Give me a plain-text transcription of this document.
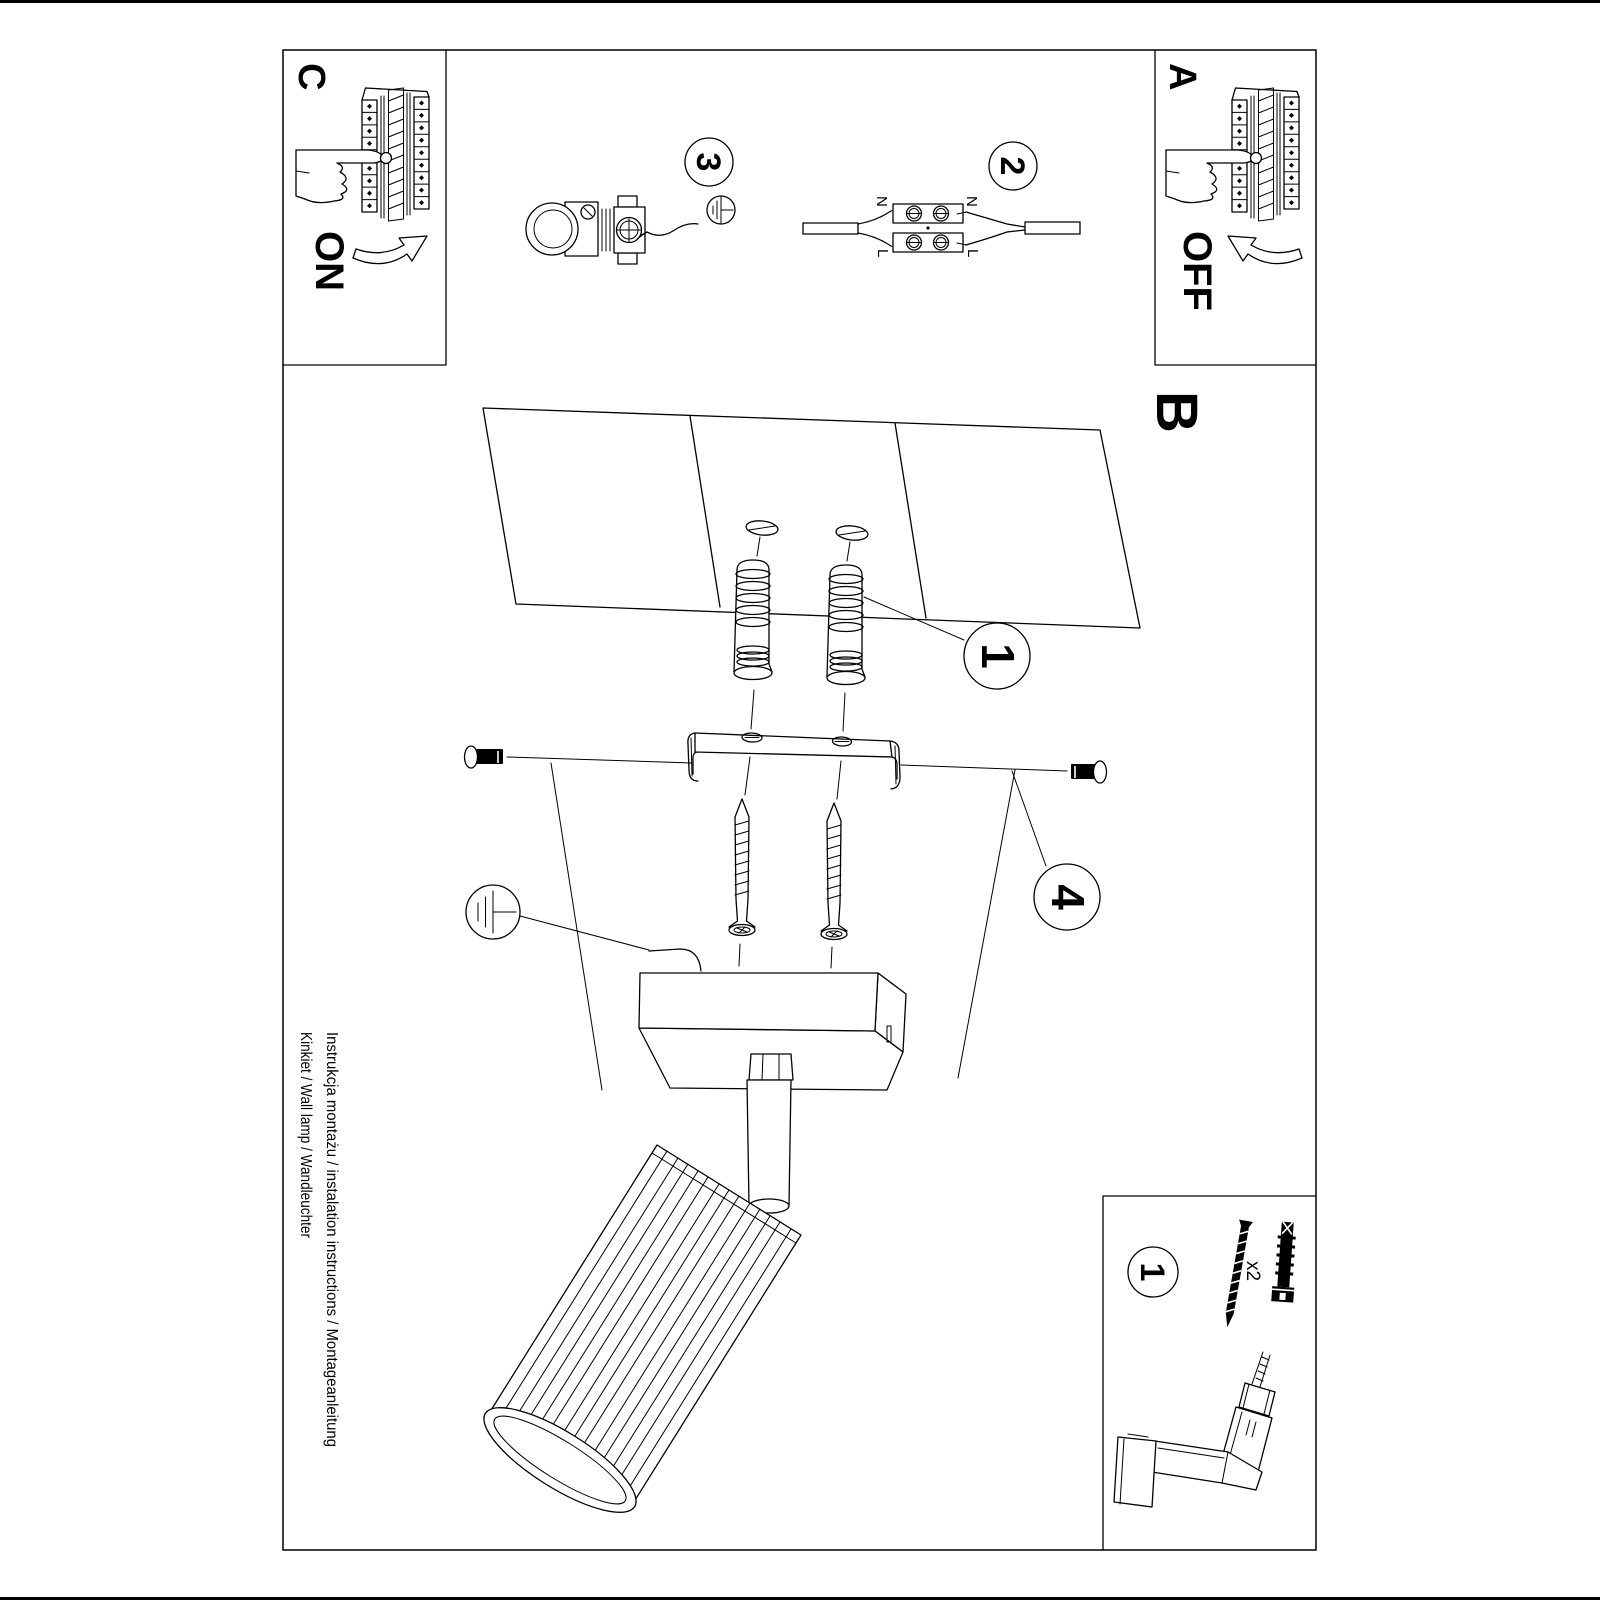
C
ON
A
OFF
3	2
N	N
L	L
B
1
4
1	x2
Instrukcja montażu / instalation instructions / Montageanleitung
Kinkiet / Wall lamp / Wandleuchter
